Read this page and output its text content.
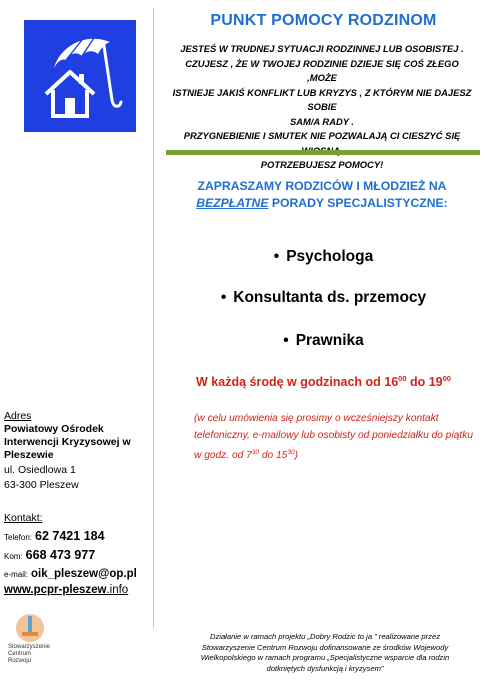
PUNKT POMOCY RODZINOM

JESTEŚ W TRUDNEJ SYTUACJI RODZINNEJ LUB OSOBISTEJ .

CZUJESZ , ŻE W TWOJEJ RODZINIE DZIEJE SIĘ COŚ ZŁEGO ,MOŻE

ISTNIEJE JAKIŚ KONFLIKT LUB KRYZYS , Z KTÓRYM NIE DAJESZ SOBIE

SAM/A RADY .

PRZYGNEBIENIE I SMUTEK NIE POZWALAJĄ CI CIESZYĆ SIĘ

POTRZEBUJESZ POMOCY!

ZAPRASZAMY RODZICÓW I MŁODZIEŻ NA
BEZPŁATNE PORADY SPECJALISTYCZNE:
• Psychologa
• Konsultanta ds. przemocy
• Prawnika
W każdą środę w godzinach od $16^{00}$ do $19^{00}$
(w celu umówienia się prosimy o wcześniejszy kontakt telefoniczny, e-mailowy lub osobisty od poniedziałku do piątku w godz. od $7^{30}$ do $15^{30}$)
Adres
Powiatowy Ośrodek
Interwencji Kryzysowej w
Pleszewie
ul. Osiedlowa 1
63-300 Pleszew
Kontakt:
Telefon: 62 7421 184
Kom: 668 473 977
e-mail: oik_pleszew@op.pl
www.pcpr-pleszew.info
Stowarzyszenie
Centrum
Rozwoju
Działanie w ramach projektu „Dobry Rodzic to ja ” realizowane przez
Stowarzyszenie Centrum Rozwoju dofinansowane ze środków Wojewody
Wielkopolskiego w ramach programu „Specjalistyczne wsparcie dla rodzin
dotkniętych dysfunkcją i kryzysem”
